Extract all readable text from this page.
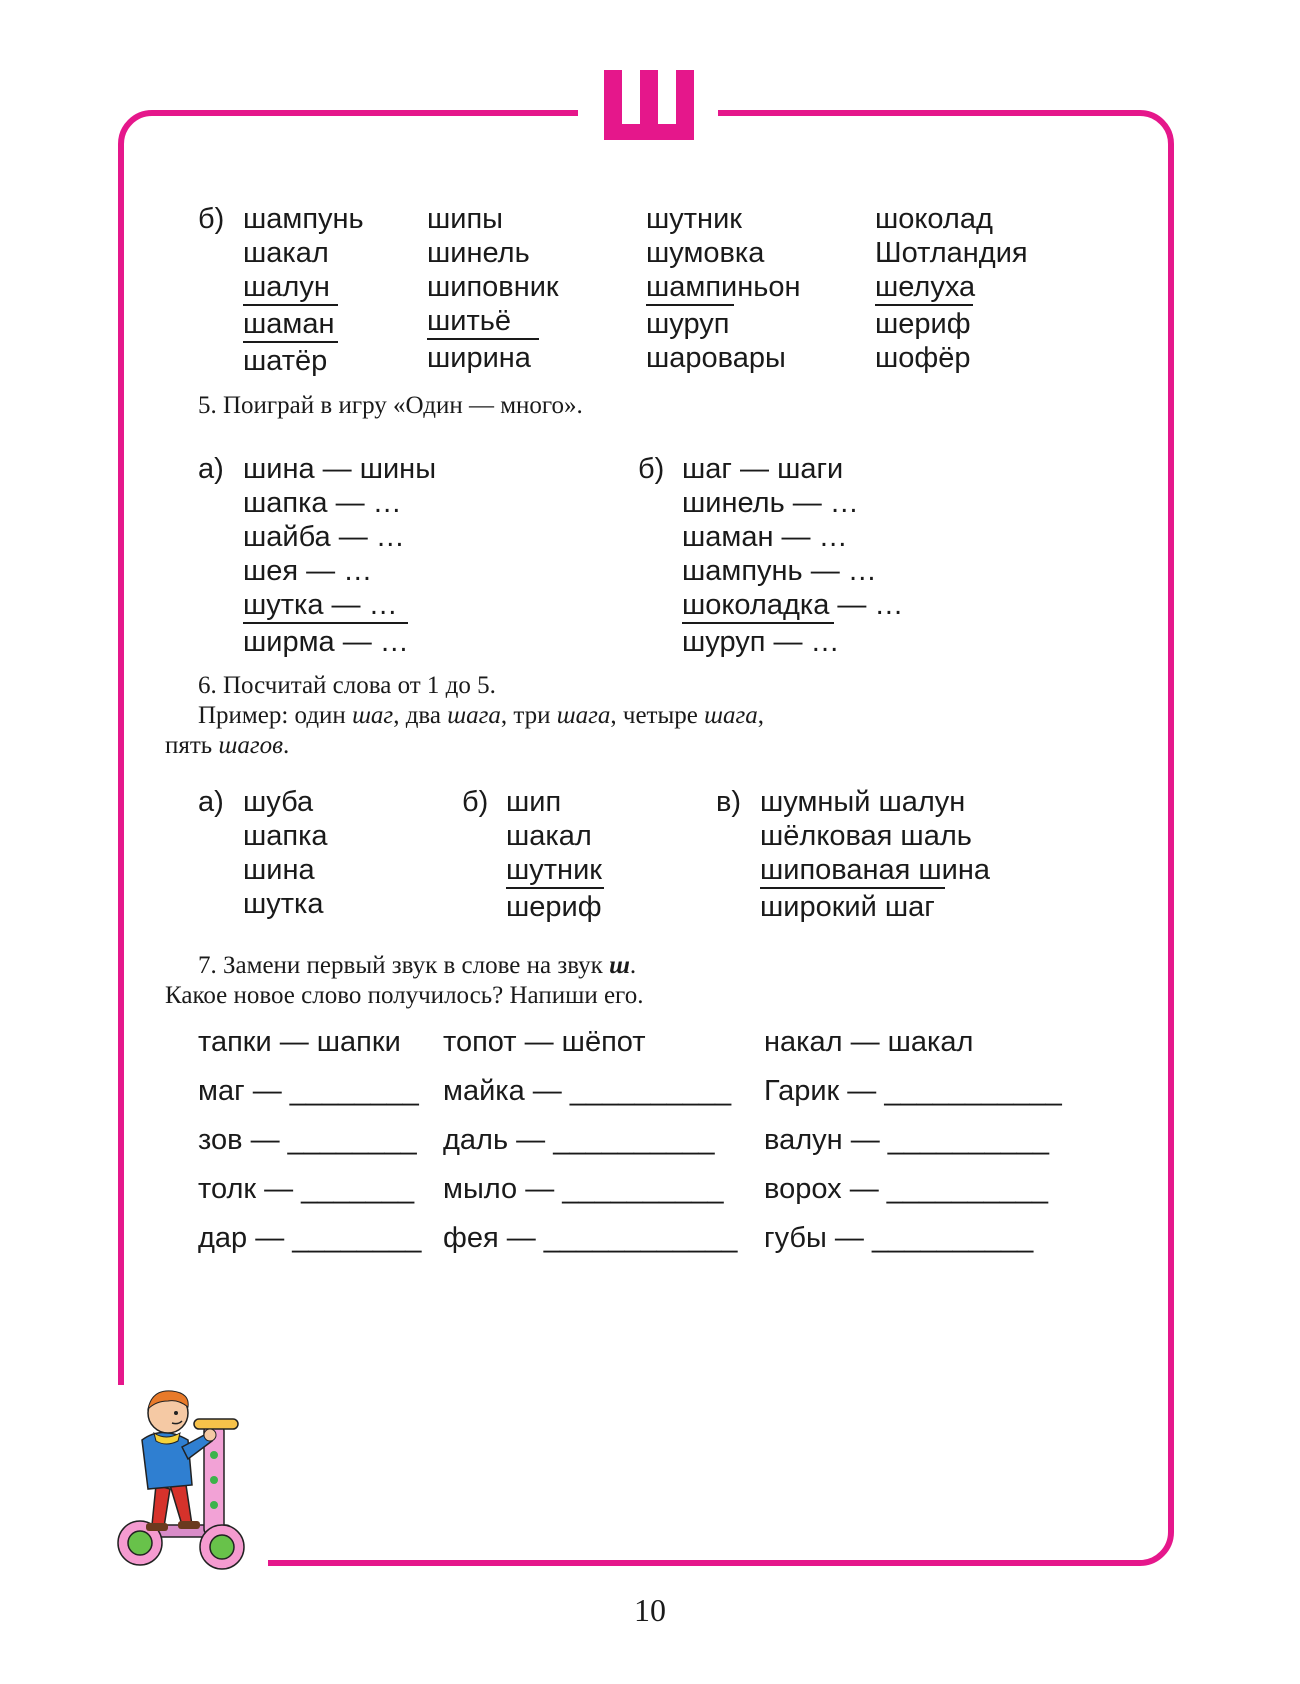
б) шампунь
шакал
шалун
шаман
шатёр
шипы
шинель
шиповник
шитьё
ширина
шутник
шумовка
шампиньон
шуруп
шаровары
шоколад
Шотландия
шелуха
шериф
шофёр
5. Поиграй в игру «Один — много».
а) шина — шины
шапка — …
шайба — …
шея — …
шутка — …
ширма — …
б) шаг — шаги
шинель — …
шаман — …
шампунь — …
шоколадка — …
шуруп — …
6. Посчитай слова от 1 до 5.
Пример: один шаг, два шага, три шага, четыре шага,
пять шагов.
а) шуба
шапка
шина
шутка
б) шип
шакал
шутник
шериф
в) шумный шалун
шёлковая шаль
шипованая шина
широкий шаг
7. Замени первый звук в слове на звук ш.
Какое новое слово получилось? Напиши его.
тапки — шапки топот — шёпот	накал — шакал
маг — ________ майка — __________ Гарик — ___________
зов — ________ даль — __________ валун — __________
толк — _______ мыло — __________ ворох — __________
дар — ________ фея — ____________ губы — __________
10
